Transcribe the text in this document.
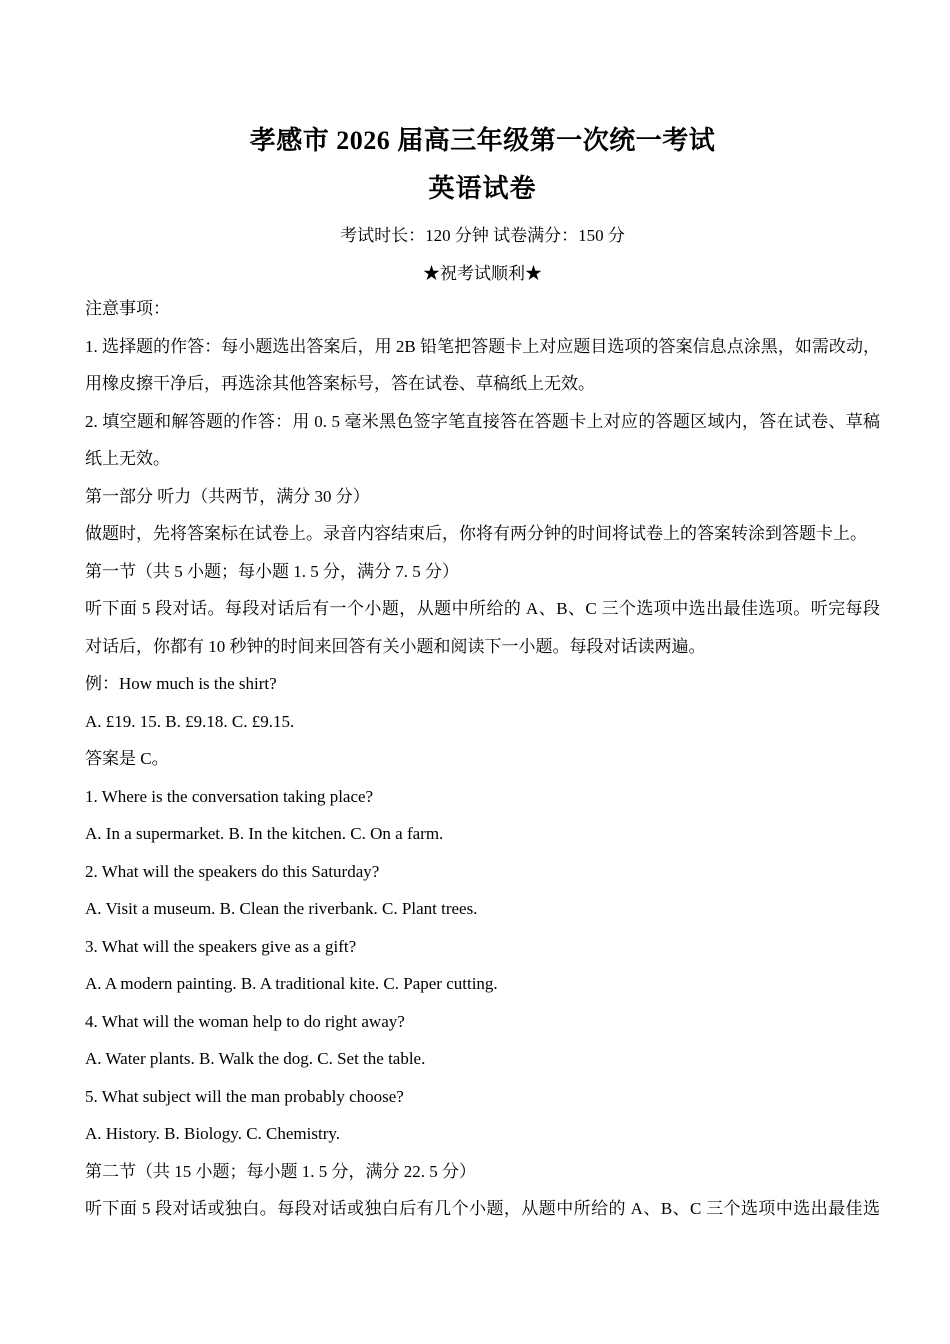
孝感市 2026 届高三年级第一次统一考试
英语试卷
考试时长：120 分钟 试卷满分：150 分
★祝考试顺利★
注意事项：
1. 选择题的作答：每小题选出答案后，用 2B 铅笔把答题卡上对应题目选项的答案信息点涂黑，如需改动，
用橡皮擦干净后，再选涂其他答案标号，答在试卷、草稿纸上无效。
2. 填空题和解答题的作答：用 0. 5 毫米黑色签字笔直接答在答题卡上对应的答题区域内，答在试卷、草稿
纸上无效。
第一部分 听力（共两节，满分 30 分）
做题时，先将答案标在试卷上。录音内容结束后，你将有两分钟的时间将试卷上的答案转涂到答题卡上。
第一节（共 5 小题；每小题 1. 5 分，满分 7. 5 分）
听下面 5 段对话。每段对话后有一个小题，从题中所给的 A、B、C 三个选项中选出最佳选项。听完每段
对话后，你都有 10 秒钟的时间来回答有关小题和阅读下一小题。每段对话读两遍。
例：How much is the shirt?
A. £19. 15. B. £9.18. C. £9.15.
答案是 C。
1. Where is the conversation taking place?
A. In a supermarket. B. In the kitchen. C. On a farm.
2. What will the speakers do this Saturday?
A. Visit a museum. B. Clean the riverbank. C. Plant trees.
3. What will the speakers give as a gift?
A. A modern painting. B. A traditional kite. C. Paper cutting.
4. What will the woman help to do right away?
A. Water plants. B. Walk the dog. C. Set the table.
5. What subject will the man probably choose?
A. History. B. Biology. C. Chemistry.
第二节（共 15 小题；每小题 1. 5 分，满分 22. 5 分）
听下面 5 段对话或独白。每段对话或独白后有几个小题，从题中所给的 A、B、C 三个选项中选出最佳选
